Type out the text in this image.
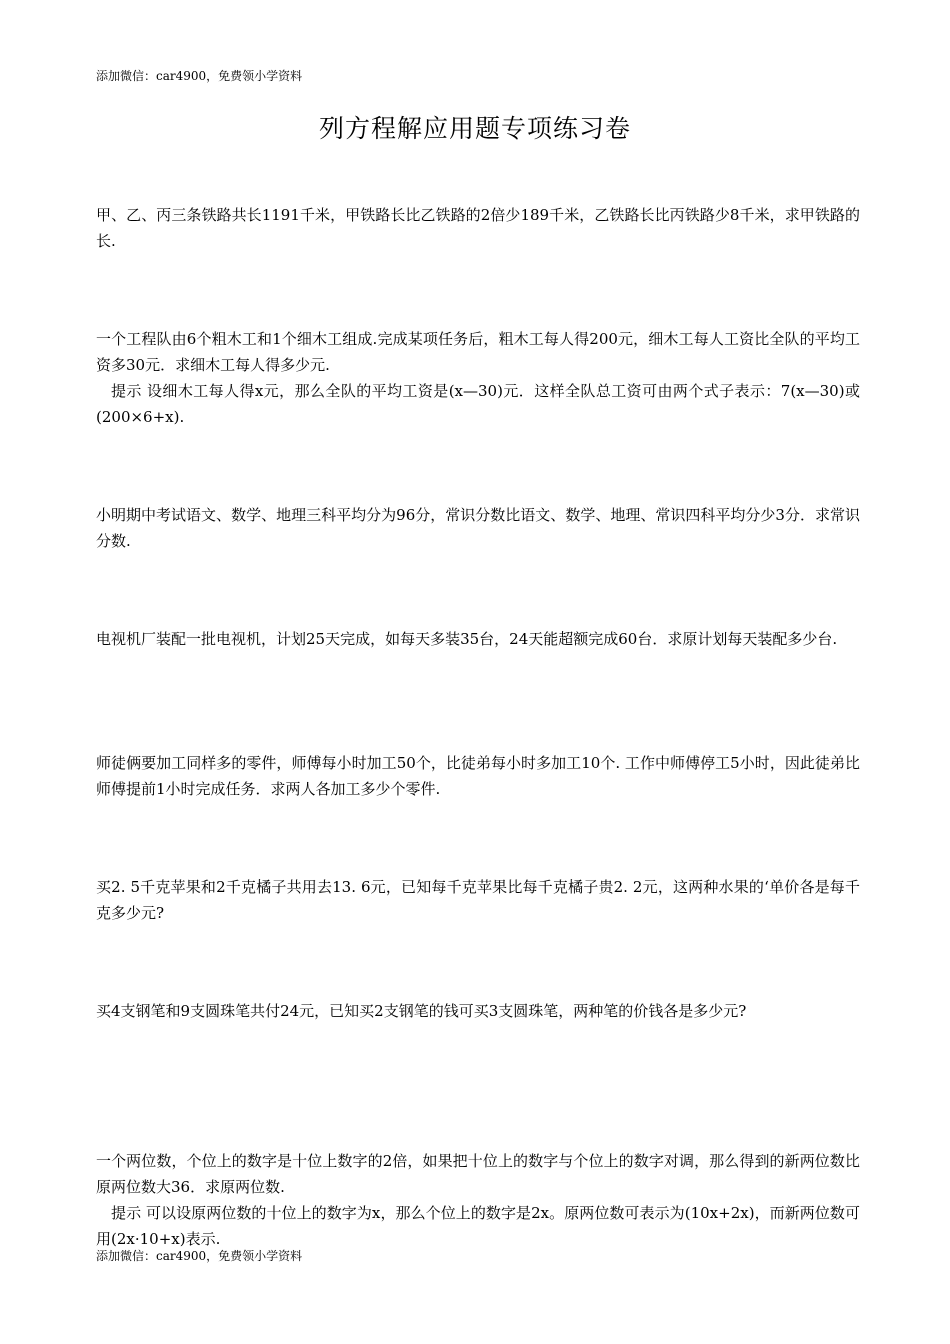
添加微信：car4900，免费领小学资料
列方程解应用题专项练习卷

甲、乙、丙三条铁路共长1191千米，甲铁路长比乙铁路的2倍少189千米，乙铁路长比丙铁路少8千米，求甲铁路的长.

一个工程队由6个粗木工和1个细木工组成.完成某项任务后，粗木工每人得200元，细木工每人工资比全队的平均工资多30元．求细木工每人得多少元.

提示 设细木工每人得x元，那么全队的平均工资是(x—30)元．这样全队总工资可由两个式子表示：7(x—30)或(200×6+x).

小明期中考试语文、数学、地理三科平均分为96分，常识分数比语文、数学、地理、常识四科平均分少3分．求常识分数.

电视机厂装配一批电视机，计划25天完成，如每天多装35台，24天能超额完成60台．求原计划每天装配多少台.

师徒俩要加工同样多的零件，师傅每小时加工50个，比徒弟每小时多加工10个. 工作中师傅停工5小时，因此徒弟比师傅提前1小时完成任务．求两人各加工多少个零件.

买2. 5千克苹果和2千克橘子共用去13. 6元，已知每千克苹果比每千克橘子贵2. 2元，这两种水果的‘单价各是每千克多少元?

买4支钢笔和9支圆珠笔共付24元，已知买2支钢笔的钱可买3支圆珠笔，两种笔的价钱各是多少元?

一个两位数，个位上的数字是十位上数字的2倍，如果把十位上的数字与个位上的数字对调，那么得到的新两位数比原两位数大36．求原两位数.

提示 可以设原两位数的十位上的数字为x，那么个位上的数字是2x。原两位数可表示为(10x+2x)，而新两位数可用(2x·10+x)表示.

添加微信：car4900，免费领小学资料
